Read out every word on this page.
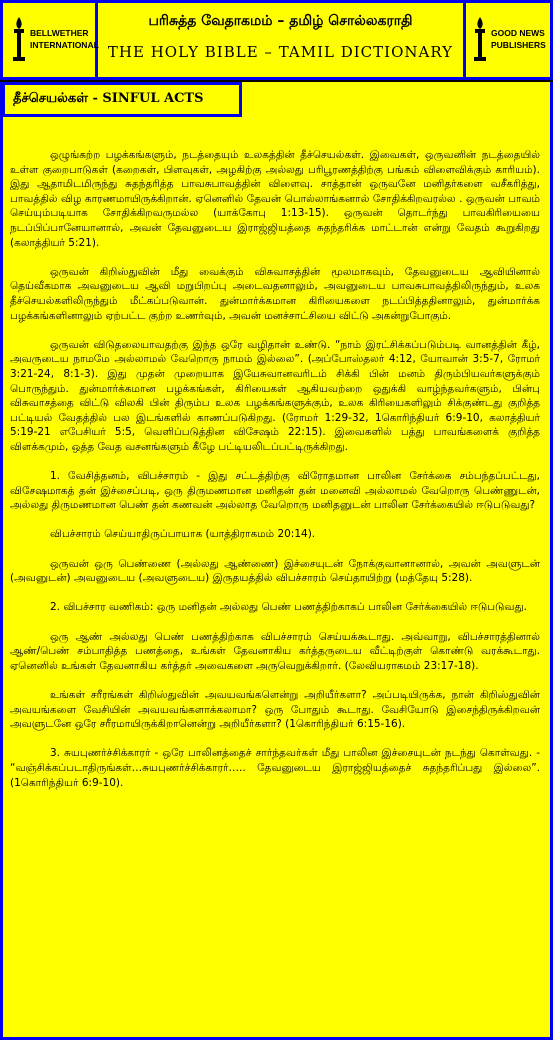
BELLWETHER
INTERNATIONAL
பரிசுத்த வேதாகமம் – தமிழ் சொல்லகராதி
THE HOLY BIBLE – TAMIL DICTIONARY
GOOD NEWS
PUBLISHERS
தீச்செயல்கள் - SINFUL ACTS

ஒழுங்கற்ற பழக்கங்களும், நடத்தையும் உலகத்தின் தீச்செயல்கள். இவைகள், ஒருவனின் நடத்தையில் உள்ள குறைபாடுகள் (கறைகள், பிளவுகள், அழகிற்கு அல்லது பரிபூரணத்திற்கு பங்கம் விளைவிக்கும் காரியம்). இது ஆதாமிடமிருந்து சுதந்தரித்த பாவசுபாவத்தின் விளைவு. சாத்தான் ஒருவனே மனிதர்களை வசீகரித்து, பாவத்தில் விழ காரணமாயிருக்கிறான். ஏனெனில் தேவன் பொல்லாங்கனால் சோதிக்கிறவரல்ல . ஒருவன் பாவம் செய்யும்படியாக சோதிக்கிறவருமல்ல (யாக்கோபு 1:13-15). ஒருவன் தொடர்ந்து பாவகிரியையை நடப்பிப்பானேயானால், அவன் தேவனுடைய இராஜ்ஜியத்தை சுதந்தரிக்க மாட்டான் என்று வேதம் கூறுகிறது (கலாத்தியர் 5:21).

ஒருவன் கிறிஸ்துவின் மீது வைக்கும் விசுவாசத்தின் மூலமாகவும், தேவனுடைய ஆவியினால் தெய்வீகமாக அவனுடைய ஆவி மறுபிறப்பு அடைவதனாலும், அவனுடைய பாவசுபாவத்திலிருந்தும், உலக தீச்செயல்களிலிருந்தும் மீட்கப்படுவான். துன்மார்க்கமான கிரியைகளை நடப்பித்ததினாலும், துன்மார்க்க பழக்கங்களினாலும் ஏற்பட்ட குற்ற உணர்வும், அவன் மனச்சாட்சியை விட்டு அகன்றுபோகும்.

ஒருவன் விடுதலையாவதற்கு இந்த ஒரே வழிதான் உண்டு. “நாம் இரட்சிக்கப்படும்படி வானத்தின் கீழ், அவருடைய நாமமே அல்லாமல் வேறொரு நாமம் இல்லை”. (அப்போஸ்தலர் 4:12, யோவான் 3:5-7, ரோமர் 3:21-24, 8:1-3). இது முதன் முறையாக இயேசுவானவரிடம் சிக்கி பின் மனம் திரும்பியவர்களுக்கும் பொருந்தும். துன்மார்க்கமான பழக்கங்கள், கிரியைகள் ஆகியவற்றை ஒதுக்கி வாழ்ந்தவர்களும், பின்பு விசுவாசத்தை விட்டு விலகி பின் திரும்ப உலக பழக்கங்களுக்கும், உலக கிரியைகளிலும் சிக்குண்டது குறித்த பட்டியல் வேதத்தில் பல இடங்களில் காணப்படுகிறது. (ரோமர் 1:29-32, 1கொரிந்தியர் 6:9-10, கலாத்தியர் 5:19-21 எபேசியர் 5:5, வெளிப்படுத்தின விசேஷம் 22:15). இவைகளில் பத்து பாவங்களைக் குறித்த விளக்கமும், ஒத்த வேத வசனங்களும் கீழே பட்டியலிடப்பட்டிருக்கிறது.

1. வேசித்தனம், விபச்சாரம் - இது சட்டத்திற்கு விரோதமான பாலின சேர்க்கை சம்பந்தப்பட்டது, விசேஷமாகத் தன் இச்சைப்படி, ஒரு திருமணமான மனிதன் தன் மனைவி அல்லாமல் வேறொரு பெண்ணுடன், அல்லது திருமணமான பெண் தன் கணவன் அல்லாத வேறொரு மனிதனுடன் பாலின சேர்க்கையில் ஈடுபடுவது?

விபச்சாரம் செய்யாதிருப்பாயாக (யாத்திராகமம் 20:14).

ஒருவன் ஒரு பெண்ணை (அல்லது ஆண்ணை) இச்சையுடன் நோக்குவானானால், அவன் அவளுடன் (அவனுடன்) அவனுடைய (அவளுடைய) இருதயத்தில் விபச்சாரம் செய்தாயிற்று (மத்தேயு 5:28).

2. விபச்சார வணிகம்: ஒரு மனிதன் அல்லது பெண் பணத்திற்காகப் பாலின சேர்க்கையில் ஈடுபடுவது.

ஒரு ஆண் அல்லது பெண் பணத்திற்காக விபச்சாரம் செய்யக்கூடாது. அவ்வாறு, விபச்சாரத்தினால் ஆண்/பெண் சம்பாதித்த பணத்தை, உங்கள் தேவனாகிய கர்த்தருடைய வீட்டிற்குள் கொண்டு வரக்கூடாது. ஏனெனில் உங்கள் தேவனாகிய கர்த்தர் அவைகளை அருவெறுக்கிறார். (லேவியராகமம் 23:17-18).

உங்கள் சரீரங்கள் கிறிஸ்துவின் அவயவங்களென்று அறியீர்களா? அப்படியிருக்க, நான் கிறிஸ்துவின் அவயங்களை வேசியின் அவயவங்களாக்கலாமா? ஒரு போதும் கூடாது. வேசியோடு இசைந்திருக்கிறவன் அவளுடனே ஒரே சரீரமாயிருக்கிறானென்று அறியீர்களா? (1கொரிந்தியர் 6:15-16).

3. சுயபுணர்ச்சிக்காரர் - ஒரே பாலினத்தைச் சார்ந்தவர்கள் மீது பாலின இச்சையுடன் நடந்து கொள்வது. - “வஞ்சிக்கப்படாதிருங்கள்…சுயபுணர்ச்சிக்காரர்….. தேவனுடைய இராஜ்ஜியத்தைச் சுதந்தரிப்பது இல்லை”. (1கொரிந்தியர் 6:9-10).
